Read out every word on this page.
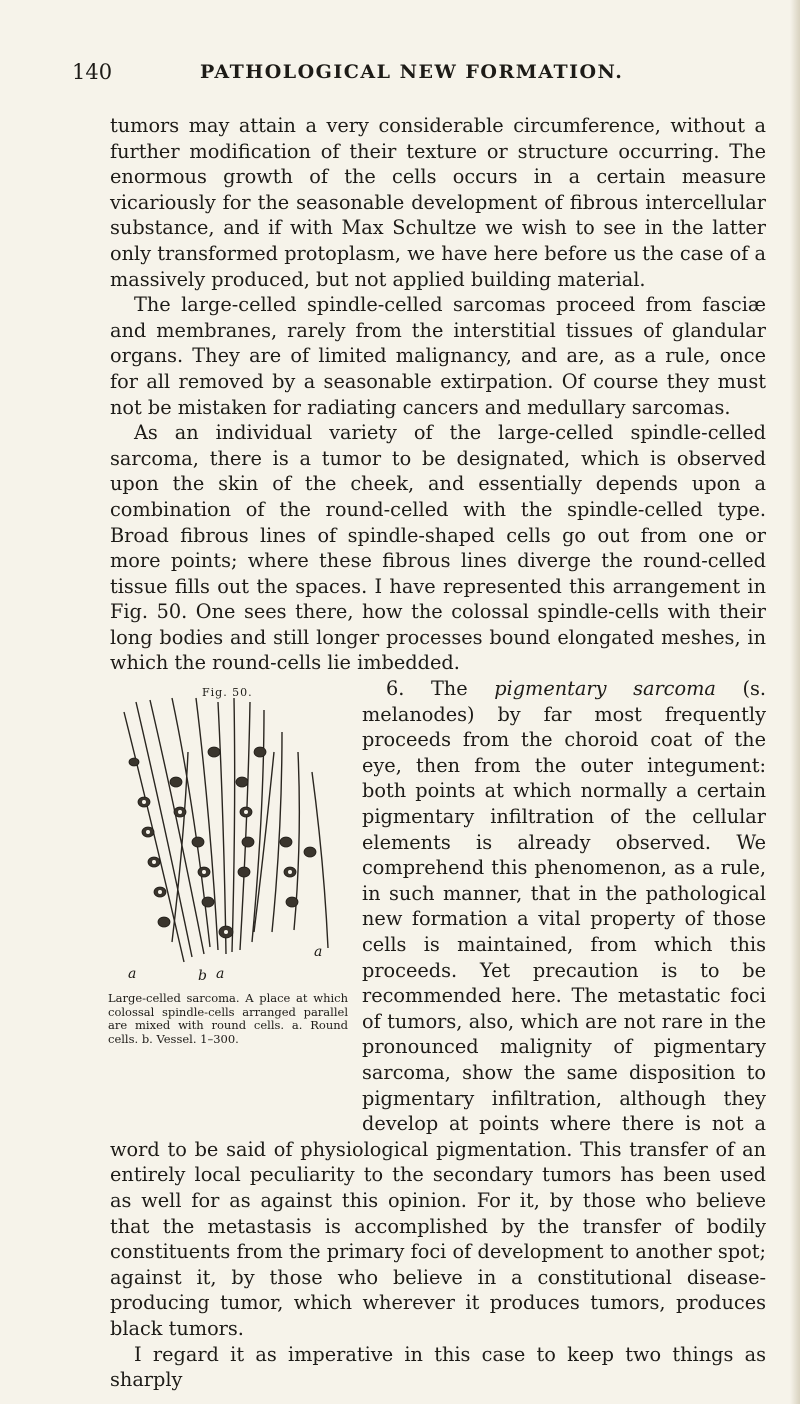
140	PATHOLOGICAL NEW FORMATION.

tumors may attain a very considerable circumference, without a further modification of their texture or structure occurring. The enormous growth of the cells occurs in a certain measure vicariously for the seasonable development of fibrous intercellular substance, and if with Max Schultze we wish to see in the latter only transformed protoplasm, we have here before us the case of a massively produced, but not applied building material.

The large-celled spindle-celled sarcomas proceed from fasciæ and membranes, rarely from the interstitial tissues of glandular organs. They are of limited malignancy, and are, as a rule, once for all removed by a seasonable extirpation. Of course they must not be mistaken for radiating cancers and medullary sarcomas.

As an individual variety of the large-celled spindle-celled sarcoma, there is a tumor to be designated, which is observed upon the skin of the cheek, and essentially depends upon a combination of the round-celled with the spindle-celled type. Broad fibrous lines of spindle-shaped cells go out from one or more points; where these fibrous lines diverge the round-celled tissue fills out the spaces. I have represented this arrangement in Fig. 50. One sees there, how the colossal spindle-cells with their long bodies and still longer processes bound elongated meshes, in which the round-cells lie imbedded.

Fig. 50.
a	b a
a
Large-celled sarcoma. A place at which colossal spindle-cells arranged parallel are mixed with round cells. a. Round cells. b. Vessel. 1–300.

6. The pigmentary sarcoma (s. melanodes) by far most frequently proceeds from the choroid coat of the eye, then from the outer integument: both points at which normally a certain pigmentary infiltration of the cellular elements is already observed. We comprehend this phenomenon, as a rule, in such manner, that in the pathological new formation a vital property of those cells is maintained, from which this proceeds. Yet precaution is to be recommended here. The metastatic foci of tumors, also, which are not rare in the pronounced malignity of pigmentary sarcoma, show the same disposition to pigmentary infiltration, although they develop at points where there is not a word to be said of physiological pigmentation. This transfer of an entirely local peculiarity to the secondary tumors has been used as well for as against this opinion. For it, by those who believe that the metastasis is accomplished by the transfer of bodily constituents from the primary foci of development to another spot; against it, by those who believe in a constitutional disease-producing tumor, which wherever it produces tumors, produces black tumors.

I regard it as imperative in this case to keep two things as sharply
